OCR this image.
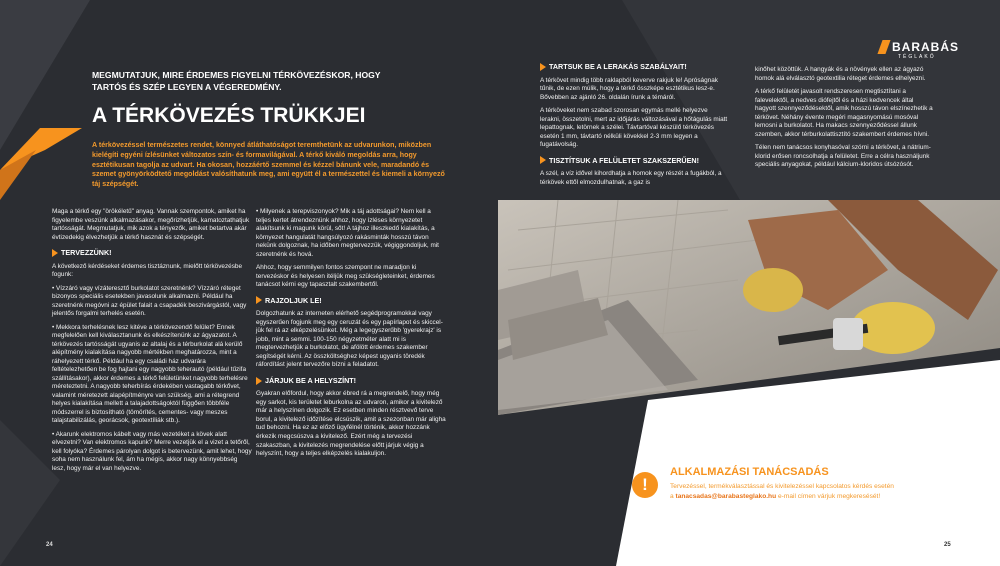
BARABÁS
TÉGLAKŐ
MEGMUTATJUK, MIRE ÉRDEMES FIGYELNI TÉRKÖVEZÉSKOR, HOGY TARTÓS ÉS SZÉP LEGYEN A VÉGEREDMÉNY.
A TÉRKÖVEZÉS TRÜKKJEI
A térkövezéssel természetes rendet, könnyed átláthatóságot teremthetünk az udvarunkon, miközben kielégíti egyéni ízlésünket változatos szín- és formavilágával. A térkő kiváló megoldás arra, hogy esztétikusan tagolja az udvart. Ha okosan, hozzáértő szemmel és kézzel bánunk vele, maradandó és szemet gyönyörködtető megoldást valósíthatunk meg, ami együtt él a természettel és kiemeli a környező táj szépségét.

Maga a térkő egy "örökéletű" anyag. Vannak szempontok, amiket ha figyelembe veszünk alkalmazásakor, megőrizhetjük, kamatoztathatjuk tartósságát. Megmutatjuk, mik azok a tényezők, amiket betartva akár évtizedekig élvezhetjük a térkő hasznát és szépségét.

TERVEZZÜNK!

A következő kérdéseket érdemes tisztáznunk, mielőtt térkövezésbe fogunk:

• Vízzáró vagy vízáteresztő burkolatot szeretnénk? Vízzáró réteget bizonyos speciális esetekben javasolunk alkalmazni. Például ha szeretnénk megóvni az épület falait a csapadék beszivárgástól, vagy jelentős forgalmi terhelés esetén.

• Mekkora terhelésnek lesz kitéve a térkövezendő felület? Ennek megfelelően kell kiválasztanunk és elkészítenünk az ágyazatot. A térkövezés tartósságát ugyanis az altalaj és a térburkolat alá kerülő alépítmény kialakítása nagyobb mértékben meghatározza, mint a ráhelyezett térkő. Például ha egy családi ház udvarára feltételezhetően be fog hajtani egy nagyobb teherautó (például tűzifa szállításakor), akkor érdemes a térkő felületünket nagyobb terhelésre méreteztetni. A nagyobb teherbírás érdekében vastagabb térkővet, valamint méretezett alapépítményre van szükség, ami a rétegrend helyes kialakítása mellett a talajadottságoktól függően többféle módszerrel is biztosítható (tömörítés, cementes- vagy meszes talajstabilizálás, georácsok, geotextíliák stb.).

• Akarunk elektromos kábelt vagy más vezetéket a kövek alatt elvezetni? Van elektromos kapunk? Merre vezetjük el a vizet a tetőről, kell folyóka? Érdemes párolyan dolgot is betervezünk, amit lehet, hogy soha nem használunk fel, ám ha mégis, akkor nagy könnyebbség lesz, hogy már el van helyezve.

• Milyenek a terepviszonyok? Mik a táj adottságai? Nem kell a teljes kertet átrendeznünk ahhoz, hogy ízléses környezetet alakítsunk ki magunk körül, sőt! A tájhoz illeszkedő kialakítás, a környezet hangulatát hangsúlyozó rakásminták hosszú távon nekünk dolgoznak, ha időben megtervezzük, végiggondoljuk, mit szeretnénk és hová.

Ahhoz, hogy semmilyen fontos szempont ne maradjon ki tervezéskor és helyesen itéljük meg szükségleteinket, érdemes tanácsot kérni egy tapasztalt szakembertől.

RAJZOLJUK LE!

Dolgozhatunk az interneten elérhető segédprogramokkal vagy egyszerűen fogjunk meg egy ceruzát és egy papírlapot és skicceljük fel rá az elképzelésünket. Még a legegyszerűbb 'gyerekrajz' is jobb, mint a semmi. 100-150 négyzetméter alatt mi is megtervezhetjük a burkolatot, de afölött érdemes szakember segítségét kérni. Az összköltséghez képest ugyanis töredék ráfordítást jelent tervezőre bízni a feladatot.

JÁRJUK BE A HELYSZÍNT!

Gyakran előfordul, hogy akkor ébred rá a megrendelő, hogy még egy sarkot, kis területet leburkolna az udvaron, amikor a kivitelező már a helyszínen dolgozik. Ez esetben minden résztvevő terve borul, a kivitelező időzítése elcsúszik, amit a szezonban már aligha tud behozni. Ha ez az előző ügyfélnél történik, akkor hozzánk érkezik megcsúszva a kivitelező. Ezért még a tervezési szakaszban, a kivitelezés megrendelése előtt járjuk végig a helyszínt, hogy a teljes elképzelés kialakuljon.

TARTSUK BE A LERAKÁS SZABÁLYAIT!

A térkövet mindig több raklapból keverve rakjuk le! Apróságnak tűnik, de ezen múlik, hogy a térkő összképe esztétikus lesz-e. Bővebben az ajánló 26. oldalán írunk a témáról.

A térköveket nem szabad szorosan egymás mellé helyezve lerakni, összetolni, mert az időjárás változásával a hőtágulás miatt lepattognak, letörnek a szélei. Távtartóval készülő térkövezés esetén 1 mm, távtartó nélküli kövekkel 2-3 mm legyen a fugatávolság.

TISZTÍTSUK A FELÜLETET SZAKSZERŰEN!

A szél, a víz idővel kihordhatja a homok egy részét a fugákból, a térkövek ettől elmozdulhatnak, a gaz is

kinőhet közöttük. A hangyák és a növények ellen az ágyazó homok alá elválasztó geotextilia réteget érdemes elhelyezni.

A térkő felületét javasolt rendszeresen megtisztítani a falevelektől, a nedves diófejtől és a házi kedvencek által hagyott szennyeződésektől, amik hosszú távon elszínezhetik a térkövet. Néhány évente megéri magasnyomású mosóval lemosni a burkolatot. Ha makacs szennyeződéssel állunk szemben, akkor térburkolattisztító szakembert érdemes hívni.

Télen nem tanácsos konyhasóval szórni a térkövet, a nátrium-klorid erősen roncsolhatja a felületet. Erre a célra használjunk speciális anyagokat, például kálcium-kloridos útsózósót.

!
ALKALMAZÁSI TANÁCSADÁS
Tervezéssel, termékválasztással és kivitelezéssel kapcsolatos kérdés esetén
a tanacsadas@barabasteglako.hu e-mail címen várjuk megkeresését!
24	25
